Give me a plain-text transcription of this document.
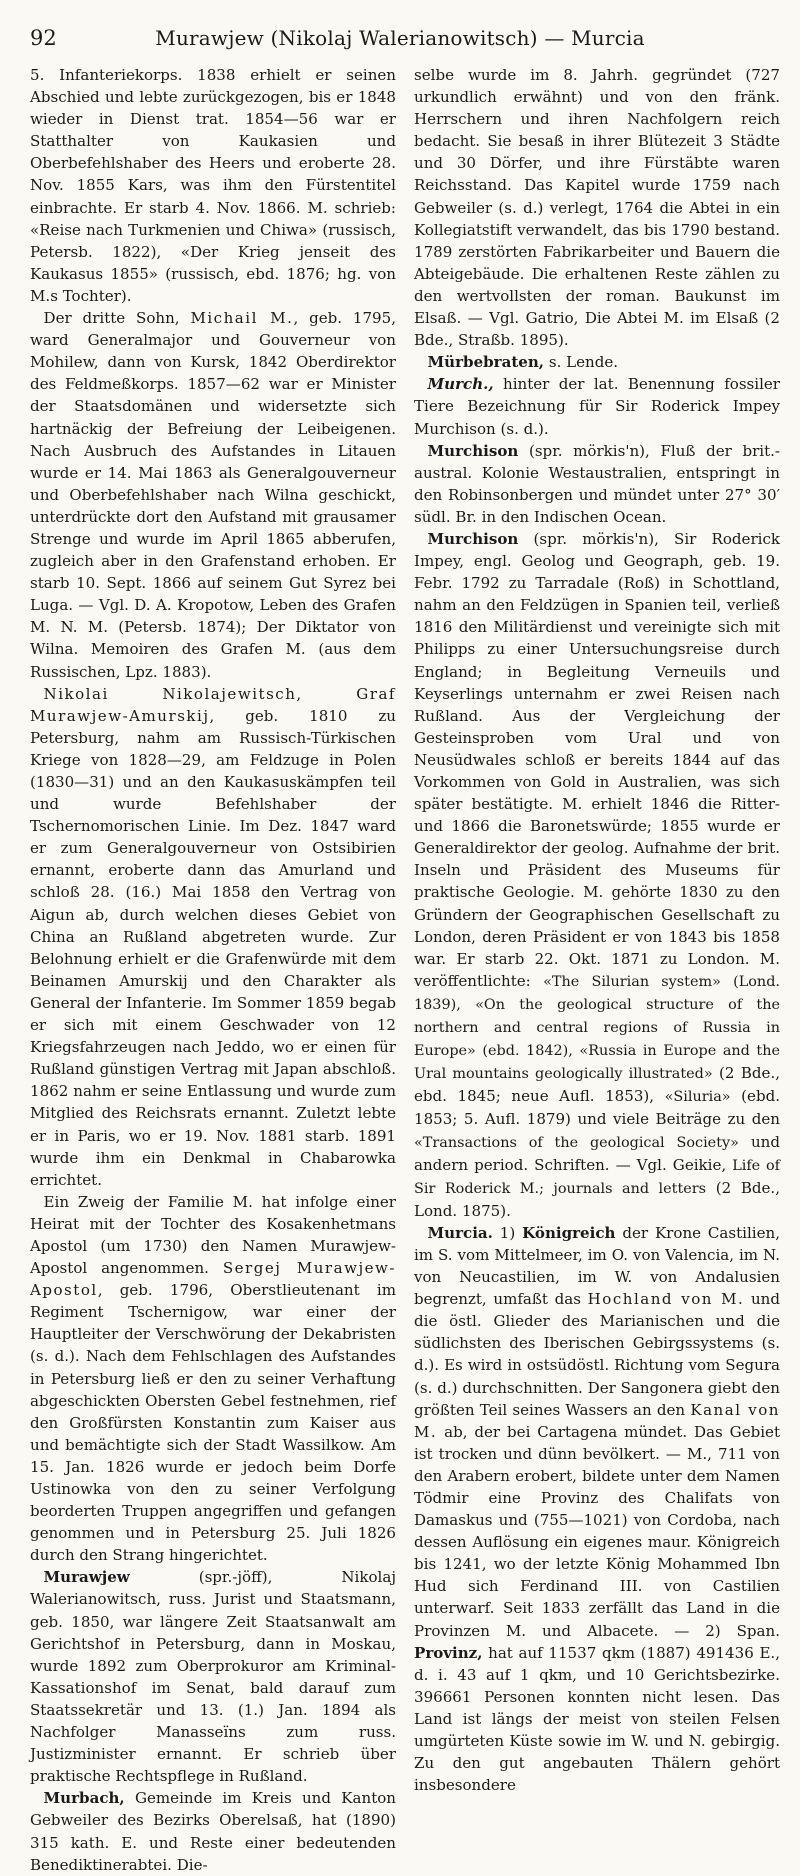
92	Murawjew (Nikolaj Walerianowitsch) — Murcia

5. Infanteriekorps. 1838 erhielt er seinen Abschied und lebte zurückgezogen, bis er 1848 wieder in Dienst trat. 1854—56 war er Statthalter von Kaukasien und Oberbefehlshaber des Heers und eroberte 28. Nov. 1855 Kars, was ihm den Fürstentitel einbrachte. Er starb 4. Nov. 1866. M. schrieb: «Reise nach Turkmenien und Chiwa» (russisch, Petersb. 1822), «Der Krieg jenseit des Kaukasus 1855» (russisch, ebd. 1876; hg. von M.s Tochter).

Der dritte Sohn, Michail M., geb. 1795, ward Generalmajor und Gouverneur von Mohilew, dann von Kursk, 1842 Oberdirektor des Feldmeßkorps. 1857—62 war er Minister der Staatsdomänen und widersetzte sich hartnäckig der Befreiung der Leibeigenen. Nach Ausbruch des Aufstandes in Litauen wurde er 14. Mai 1863 als Generalgouverneur und Oberbefehlshaber nach Wilna geschickt, unterdrückte dort den Aufstand mit grausamer Strenge und wurde im April 1865 abberufen, zugleich aber in den Grafenstand erhoben. Er starb 10. Sept. 1866 auf seinem Gut Syrez bei Luga. — Vgl. D. A. Kropotow, Leben des Grafen M. N. M. (Petersb. 1874); Der Diktator von Wilna. Memoiren des Grafen M. (aus dem Russischen, Lpz. 1883).

Nikolai Nikolajewitsch, Graf Murawjew-Amurskij, geb. 1810 zu Petersburg, nahm am Russisch-Türkischen Kriege von 1828—29, am Feldzuge in Polen (1830—31) und an den Kaukasuskämpfen teil und wurde Befehlshaber der Tschernomorischen Linie. Im Dez. 1847 ward er zum Generalgouverneur von Ostsibirien ernannt, eroberte dann das Amurland und schloß 28. (16.) Mai 1858 den Vertrag von Aigun ab, durch welchen dieses Gebiet von China an Rußland abgetreten wurde. Zur Belohnung erhielt er die Grafenwürde mit dem Beinamen Amurskij und den Charakter als General der Infanterie. Im Sommer 1859 begab er sich mit einem Geschwader von 12 Kriegsfahrzeugen nach Jeddo, wo er einen für Rußland günstigen Vertrag mit Japan abschloß. 1862 nahm er seine Entlassung und wurde zum Mitglied des Reichsrats ernannt. Zuletzt lebte er in Paris, wo er 19. Nov. 1881 starb. 1891 wurde ihm ein Denkmal in Chabarowka errichtet.

Ein Zweig der Familie M. hat infolge einer Heirat mit der Tochter des Kosakenhetmans Apostol (um 1730) den Namen Murawjew-Apostol angenommen. Sergej Murawjew-Apostol, geb. 1796, Oberstlieutenant im Regiment Tschernigow, war einer der Hauptleiter der Verschwörung der Dekabristen (s. d.). Nach dem Fehlschlagen des Aufstandes in Petersburg ließ er den zu seiner Verhaftung abgeschickten Obersten Gebel festnehmen, rief den Großfürsten Konstantin zum Kaiser aus und bemächtigte sich der Stadt Wassilkow. Am 15. Jan. 1826 wurde er jedoch beim Dorfe Ustinowka von den zu seiner Verfolgung beorderten Truppen angegriffen und gefangen genommen und in Petersburg 25. Juli 1826 durch den Strang hingerichtet.

Murawjew (spr.-jöff), Nikolaj Walerianowitsch, russ. Jurist und Staatsmann, geb. 1850, war längere Zeit Staatsanwalt am Gerichtshof in Petersburg, dann in Moskau, wurde 1892 zum Oberprokuror am Kriminal-Kassationshof im Senat, bald darauf zum Staatssekretär und 13. (1.) Jan. 1894 als Nachfolger Manasseïns zum russ. Justizminister ernannt. Er schrieb über praktische Rechtspflege in Rußland.

Murbach, Gemeinde im Kreis und Kanton Gebweiler des Bezirks Oberelsaß, hat (1890) 315 kath. E. und Reste einer bedeutenden Benediktinerabtei. Die-

selbe wurde im 8. Jahrh. gegründet (727 urkundlich erwähnt) und von den fränk. Herrschern und ihren Nachfolgern reich bedacht. Sie besaß in ihrer Blütezeit 3 Städte und 30 Dörfer, und ihre Fürstäbte waren Reichsstand. Das Kapitel wurde 1759 nach Gebweiler (s. d.) verlegt, 1764 die Abtei in ein Kollegiatstift verwandelt, das bis 1790 bestand. 1789 zerstörten Fabrikarbeiter und Bauern die Abteigebäude. Die erhaltenen Reste zählen zu den wertvollsten der roman. Baukunst im Elsaß. — Vgl. Gatrio, Die Abtei M. im Elsaß (2 Bde., Straßb. 1895).

Mürbebraten, s. Lende.

Murch., hinter der lat. Benennung fossiler Tiere Bezeichnung für Sir Roderick Impey Murchison (s. d.).

Murchison (spr. mörkis'n), Fluß der brit.-austral. Kolonie Westaustralien, entspringt in den Robinsonbergen und mündet unter 27° 30′ südl. Br. in den Indischen Ocean.

Murchison (spr. mörkis'n), Sir Roderick Impey, engl. Geolog und Geograph, geb. 19. Febr. 1792 zu Tarradale (Roß) in Schottland, nahm an den Feldzügen in Spanien teil, verließ 1816 den Militärdienst und vereinigte sich mit Philipps zu einer Untersuchungsreise durch England; in Begleitung Verneuils und Keyserlings unternahm er zwei Reisen nach Rußland. Aus der Vergleichung der Gesteinsproben vom Ural und von Neusüdwales schloß er bereits 1844 auf das Vorkommen von Gold in Australien, was sich später bestätigte. M. erhielt 1846 die Ritter- und 1866 die Baronetswürde; 1855 wurde er Generaldirektor der geolog. Aufnahme der brit. Inseln und Präsident des Museums für praktische Geologie. M. gehörte 1830 zu den Gründern der Geographischen Gesellschaft zu London, deren Präsident er von 1843 bis 1858 war. Er starb 22. Okt. 1871 zu London. M. veröffentlichte: «The Silurian system» (Lond. 1839), «On the geological structure of the northern and central regions of Russia in Europe» (ebd. 1842), «Russia in Europe and the Ural mountains geologically illustrated» (2 Bde., ebd. 1845; neue Aufl. 1853), «Siluria» (ebd. 1853; 5. Aufl. 1879) und viele Beiträge zu den «Transactions of the geological Society» und andern period. Schriften. — Vgl. Geikie, Life of Sir Roderick M.; journals and letters (2 Bde., Lond. 1875).

Murcia. 1) Königreich der Krone Castilien, im S. vom Mittelmeer, im O. von Valencia, im N. von Neucastilien, im W. von Andalusien begrenzt, umfaßt das Hochland von M. und die östl. Glieder des Marianischen und die südlichsten des Iberischen Gebirgssystems (s. d.). Es wird in ostsüdöstl. Richtung vom Segura (s. d.) durchschnitten. Der Sangonera giebt den größten Teil seines Wassers an den Kanal von M. ab, der bei Cartagena mündet. Das Gebiet ist trocken und dünn bevölkert. — M., 711 von den Arabern erobert, bildete unter dem Namen Tödmir eine Provinz des Chalifats von Damaskus und (755—1021) von Cordoba, nach dessen Auflösung ein eigenes maur. Königreich bis 1241, wo der letzte König Mohammed Ibn Hud sich Ferdinand III. von Castilien unterwarf. Seit 1833 zerfällt das Land in die Provinzen M. und Albacete. — 2) Span. Provinz, hat auf 11537 qkm (1887) 491436 E., d. i. 43 auf 1 qkm, und 10 Gerichtsbezirke. 396661 Personen konnten nicht lesen. Das Land ist längs der meist von steilen Felsen umgürteten Küste sowie im W. und N. gebirgig. Zu den gut angebauten Thälern gehört insbesondere
